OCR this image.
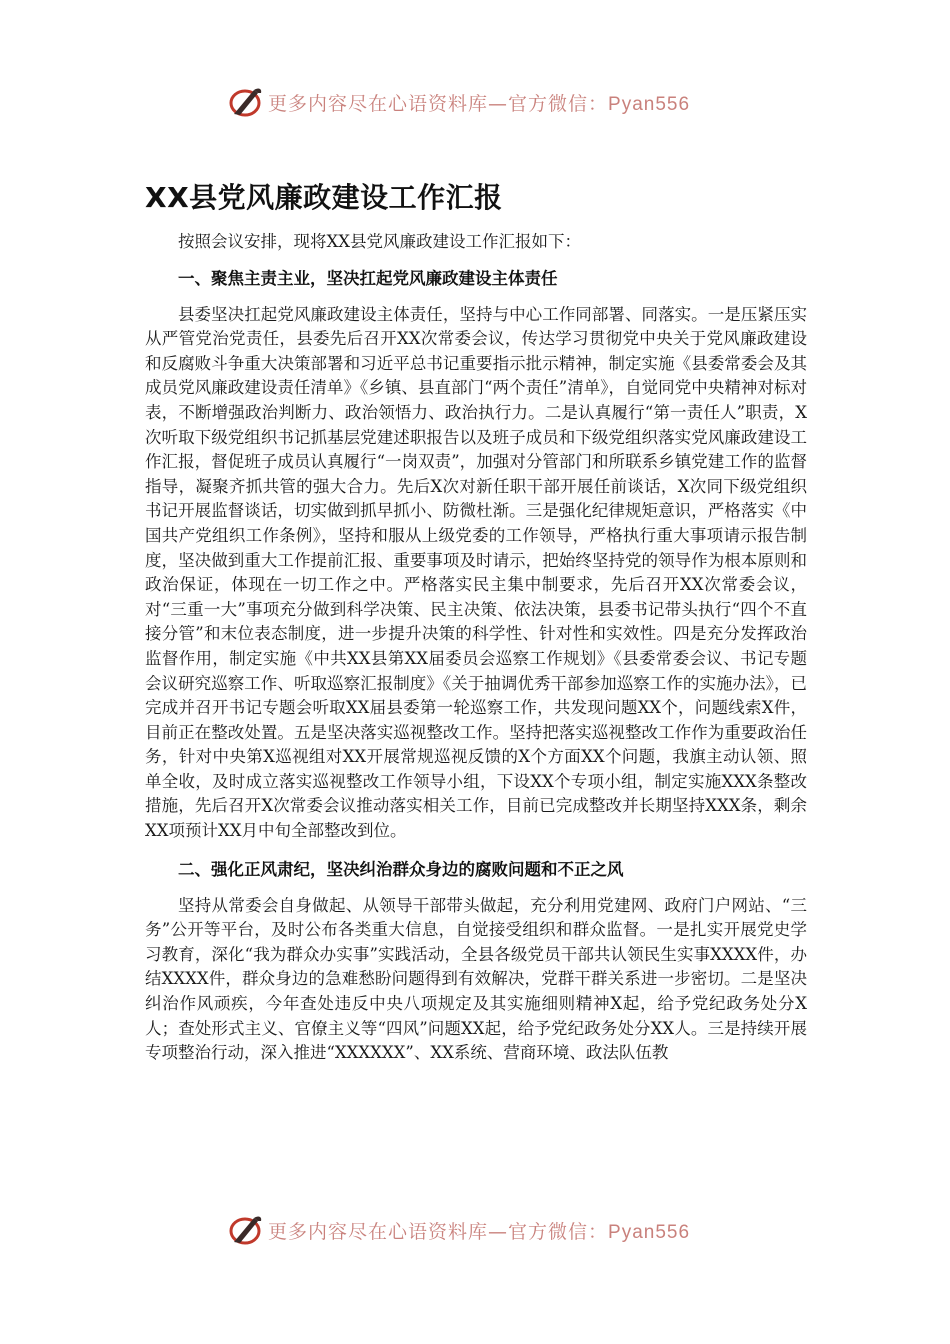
更多内容尽在心语资料库—官方微信：Pyan556
XX县党风廉政建设工作汇报

按照会议安排，现将XX县党风廉政建设工作汇报如下：

一、聚焦主责主业，坚决扛起党风廉政建设主体责任

县委坚决扛起党风廉政建设主体责任，坚持与中心工作同部署、同落实。一是压紧压实从严管党治党责任，县委先后召开XX次常委会议，传达学习贯彻党中央关于党风廉政建设和反腐败斗争重大决策部署和习近平总书记重要指示批示精神，制定实施《县委常委会及其成员党风廉政建设责任清单》《乡镇、县直部门“两个责任”清单》，自觉同党中央精神对标对表，不断增强政治判断力、政治领悟力、政治执行力。二是认真履行“第一责任人”职责，X次听取下级党组织书记抓基层党建述职报告以及班子成员和下级党组织落实党风廉政建设工作汇报，督促班子成员认真履行“一岗双责”，加强对分管部门和所联系乡镇党建工作的监督指导，凝聚齐抓共管的强大合力。先后X次对新任职干部开展任前谈话，X次同下级党组织书记开展监督谈话，切实做到抓早抓小、防微杜渐。三是强化纪律规矩意识，严格落实《中国共产党组织工作条例》，坚持和服从上级党委的工作领导，严格执行重大事项请示报告制度，坚决做到重大工作提前汇报、重要事项及时请示，把始终坚持党的领导作为根本原则和政治保证，体现在一切工作之中。严格落实民主集中制要求，先后召开XX次常委会议，对“三重一大”事项充分做到科学决策、民主决策、依法决策，县委书记带头执行“四个不直接分管”和末位表态制度，进一步提升决策的科学性、针对性和实效性。四是充分发挥政治监督作用，制定实施《中共XX县第XX届委员会巡察工作规划》《县委常委会议、书记专题会议研究巡察工作、听取巡察汇报制度》《关于抽调优秀干部参加巡察工作的实施办法》，已完成并召开书记专题会听取XX届县委第一轮巡察工作，共发现问题XX个，问题线索X件，目前正在整改处置。五是坚决落实巡视整改工作。坚持把落实巡视整改工作作为重要政治任务，针对中央第X巡视组对XX开展常规巡视反馈的X个方面XX个问题，我旗主动认领、照单全收，及时成立落实巡视整改工作领导小组，下设XX个专项小组，制定实施XXX条整改措施，先后召开X次常委会议推动落实相关工作，目前已完成整改并长期坚持XXX条，剩余XX项预计XX月中旬全部整改到位。

二、强化正风肃纪，坚决纠治群众身边的腐败问题和不正之风

坚持从常委会自身做起、从领导干部带头做起，充分利用党建网、政府门户网站、“三务”公开等平台，及时公布各类重大信息，自觉接受组织和群众监督。一是扎实开展党史学习教育，深化“我为群众办实事”实践活动，全县各级党员干部共认领民生实事XXXX件，办结XXXX件，群众身边的急难愁盼问题得到有效解决，党群干群关系进一步密切。二是坚决纠治作风顽疾，今年查处违反中央八项规定及其实施细则精神X起，给予党纪政务处分X人；查处形式主义、官僚主义等“四风”问题XX起，给予党纪政务处分XX人。三是持续开展专项整治行动，深入推进“XXXXXX”、XX系统、营商环境、政法队伍教

更多内容尽在心语资料库—官方微信：Pyan556
